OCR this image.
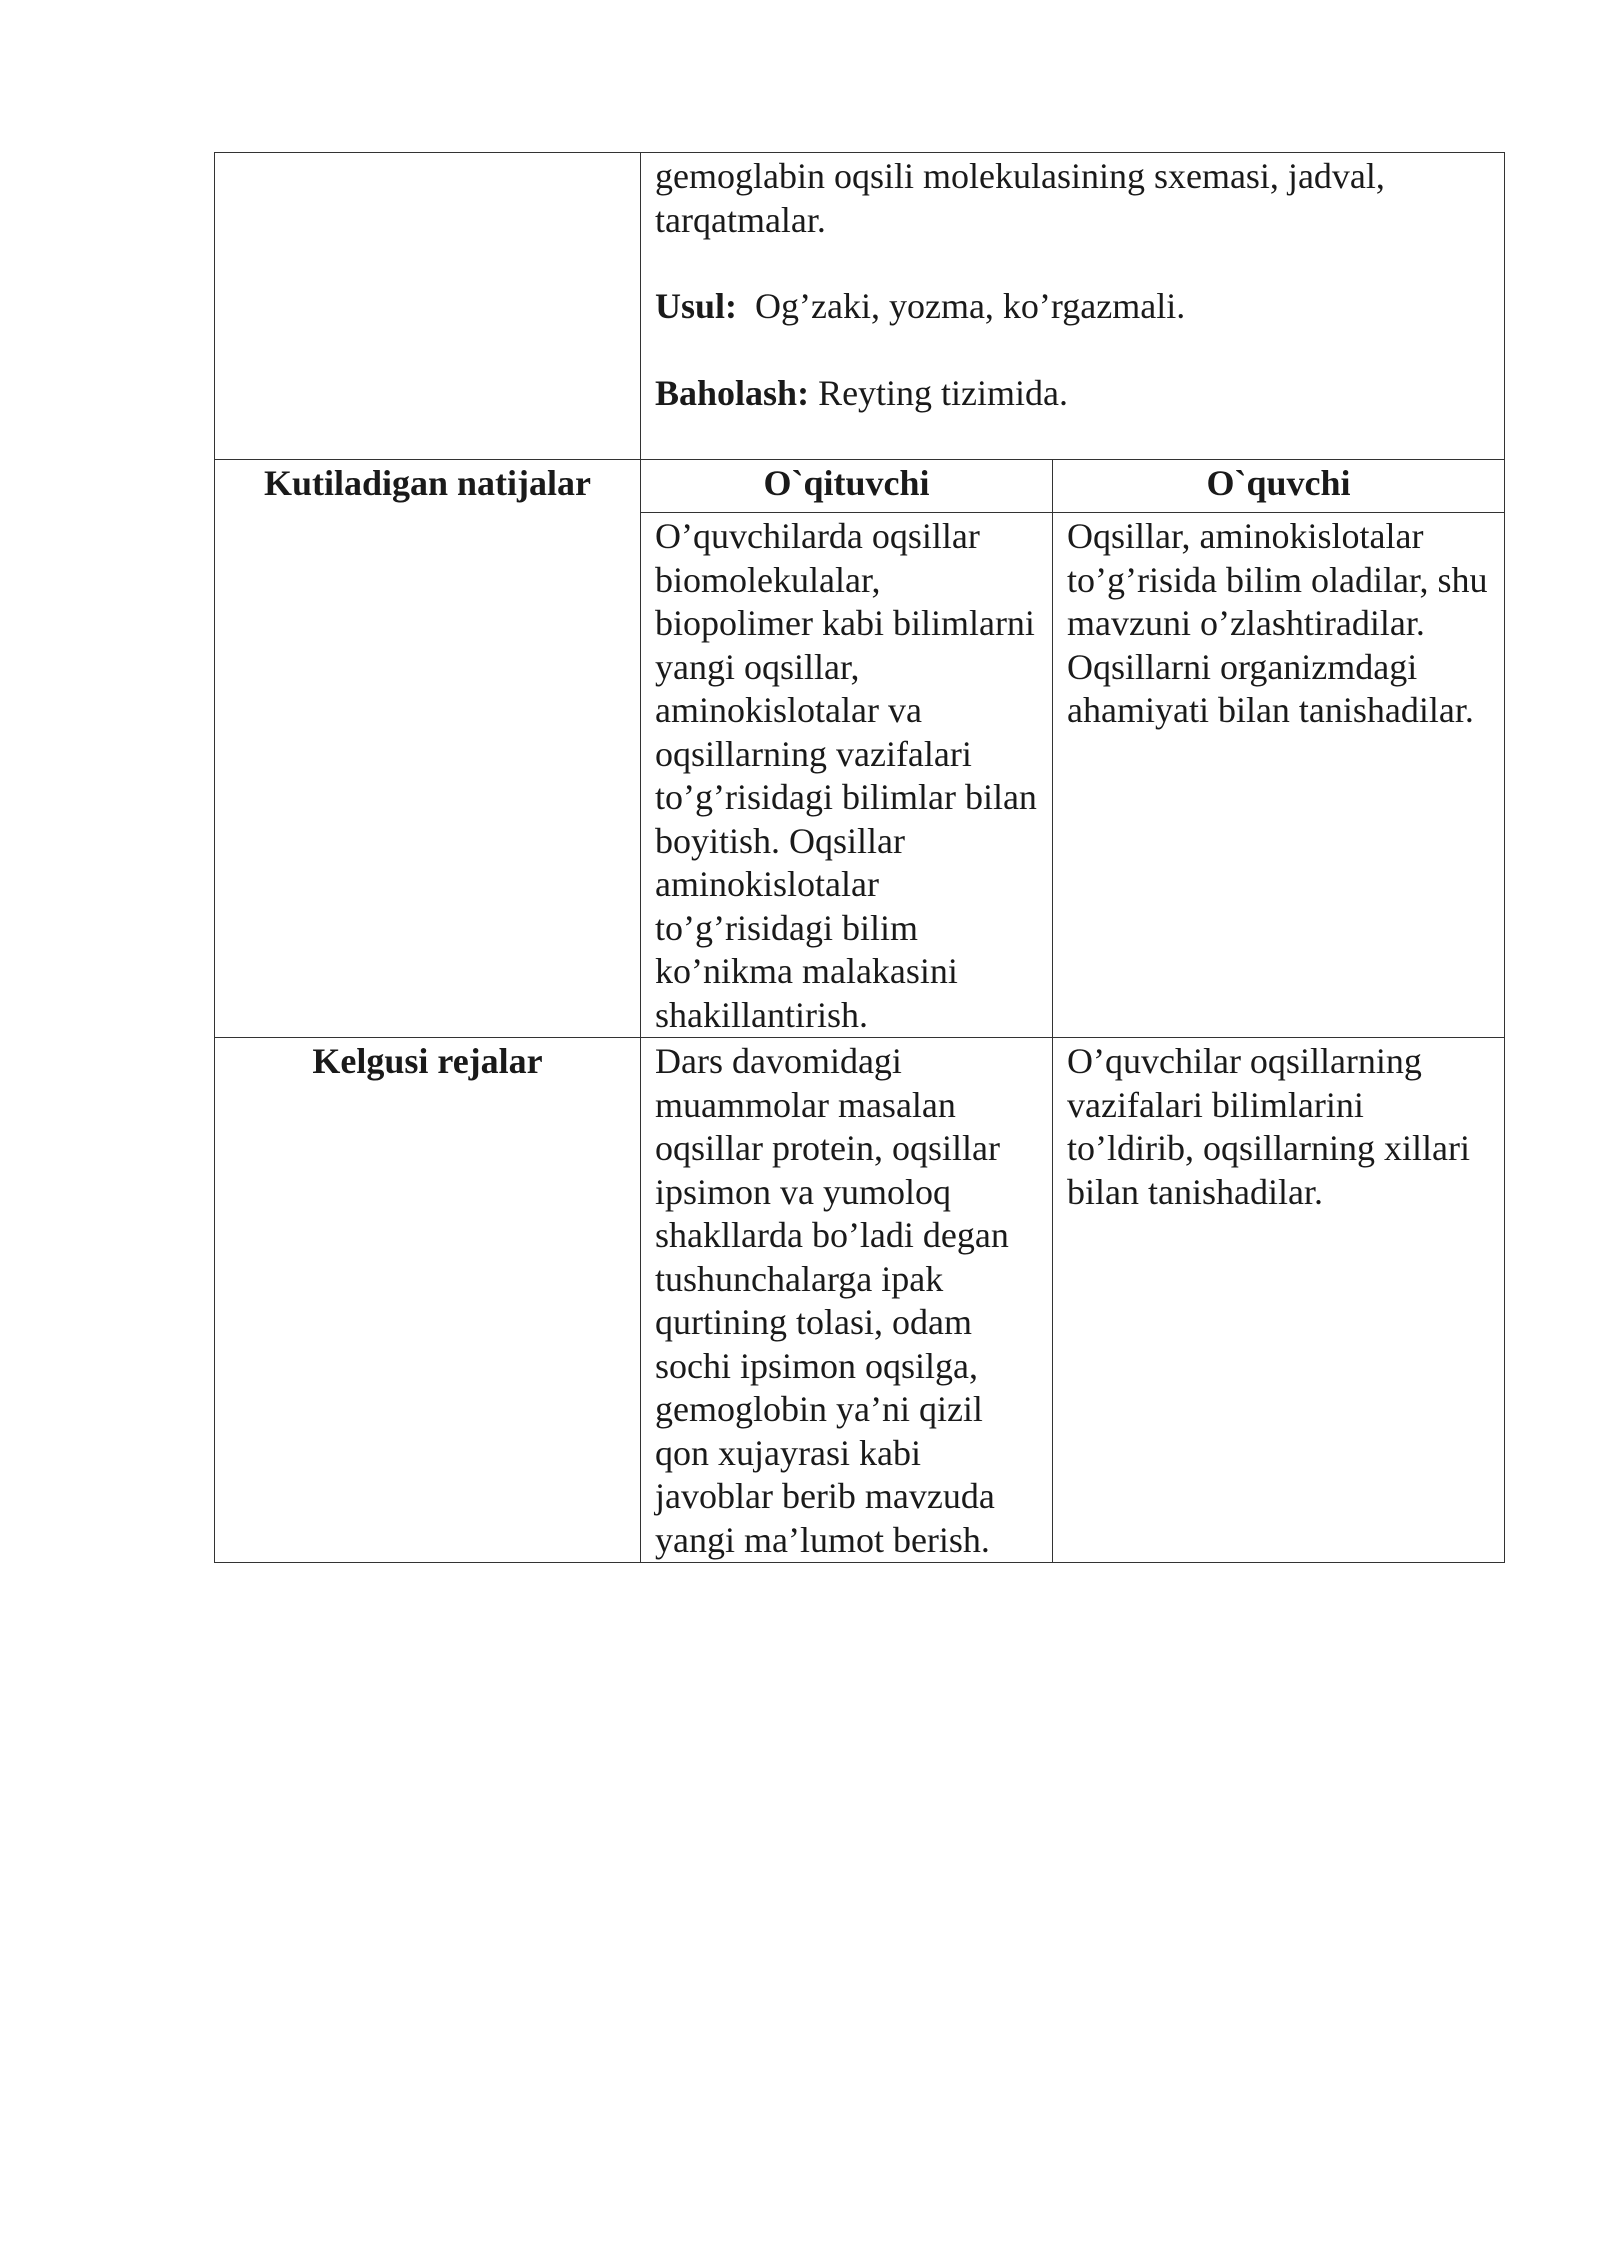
	gemoglabin oqsili molekulasining sxemasi, jadval, tarqatmalar.

Usul: Og’zaki, yozma, ko’rgazmali.

Baholash: Reyting tizimida.	

Kutiladigan natijalar	O`qituvchi	O`quvchi
	O’quvchilarda oqsillar biomolekulalar, biopolimer kabi bilimlarni yangi oqsillar, aminokislotalar va oqsillarning vazifalari to’g’risidagi bilimlar bilan boyitish. Oqsillar aminokislotalar to’g’risidagi bilim ko’nikma malakasini shakillantirish.	Oqsillar, aminokislotalar to’g’risida bilim oladilar, shu mavzuni o’zlashtiradilar. Oqsillarni organizmdagi ahamiyati bilan tanishadilar.
Kelgusi rejalar	Dars davomidagi muammolar masalan oqsillar protein, oqsillar ipsimon va yumoloq shakllarda bo’ladi degan tushunchalarga ipak qurtining tolasi, odam sochi ipsimon oqsilga, gemoglobin ya’ni qizil qon xujayrasi kabi javoblar berib mavzuda yangi ma’lumot berish.	O’quvchilar oqsillarning vazifalari bilimlarini to’ldirib, oqsillarning xillari bilan tanishadilar.
